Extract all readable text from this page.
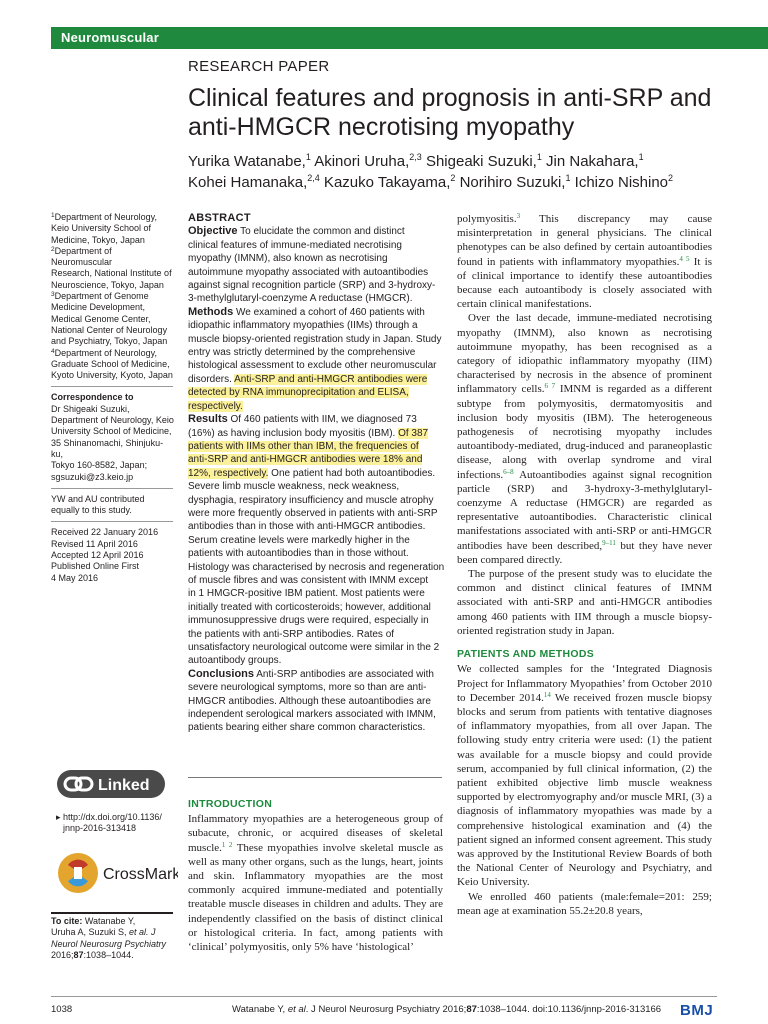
Neuromuscular
RESEARCH PAPER
Clinical features and prognosis in anti-SRP and
anti-HMGCR necrotising myopathy
Yurika Watanabe,$^1$ Akinori Uruha,$^{2,3}$ Shigeaki Suzuki,$^1$ Jin Nakahara,$^1$
Kohei Hamanaka,$^{2,4}$ Kazuko Takayama,$^2$ Norihiro Suzuki,$^1$ Ichizo Nishino$^2$
$^1$Department of Neurology,
Keio University School of
Medicine, Tokyo, Japan
$^2$Department of Neuromuscular
Research, National Institute of
Neuroscience, Tokyo, Japan
$^3$Department of Genome
Medicine Development,
Medical Genome Center,
National Center of Neurology
and Psychiatry, Tokyo, Japan
$^4$Department of Neurology,
Graduate School of Medicine,
Kyoto University, Kyoto, Japan
Correspondence to
Dr Shigeaki Suzuki,
Department of Neurology, Keio
University School of Medicine,
35 Shinanomachi, Shinjuku-ku,
Tokyo 160-8582, Japan;
sgsuzuki@z3.keio.jp
YW and AU contributed
equally to this study.
Received 22 January 2016
Revised 11 April 2016
Accepted 12 April 2016
Published Online First
4 May 2016
Linked
▸ http://dx.doi.org/10.1136/
jnnp-2016-313418
CrossMark
To cite: Watanabe Y,
Uruha A, Suzuki S, et al. J
Neurol Neurosurg Psychiatry
2016;87:1038–1044.
ABSTRACT
Objective To elucidate the common and distinct
clinical features of immune-mediated necrotising
myopathy (IMNM), also known as necrotising
autoimmune myopathy associated with autoantibodies
against signal recognition particle (SRP) and 3-hydroxy-
3-methylglutaryl-coenzyme A reductase (HMGCR).
Methods We examined a cohort of 460 patients with
idiopathic inflammatory myopathies (IIMs) through a
muscle biopsy-oriented registration study in Japan. Study
entry was strictly determined by the comprehensive
histological assessment to exclude other neuromuscular
disorders. Anti-SRP and anti-HMGCR antibodies were
detected by RNA immunoprecipitation and ELISA,
respectively.
Results Of 460 patients with IIM, we diagnosed 73
(16%) as having inclusion body myositis (IBM). Of 387
patients with IIMs other than IBM, the frequencies of
anti-SRP and anti-HMGCR antibodies were 18% and
12%, respectively. One patient had both autoantibodies.
Severe limb muscle weakness, neck weakness,
dysphagia, respiratory insufficiency and muscle atrophy
were more frequently observed in patients with anti-SRP
antibodies than in those with anti-HMGCR antibodies.
Serum creatine levels were markedly higher in the
patients with autoantibodies than in those without.
Histology was characterised by necrosis and regeneration
of muscle fibres and was consistent with IMNM except
in 1 HMGCR-positive IBM patient. Most patients were
initially treated with corticosteroids; however, additional
immunosuppressive drugs were required, especially in
the patients with anti-SRP antibodies. Rates of
unsatisfactory neurological outcome were similar in the 2
autoantibody groups.
Conclusions Anti-SRP antibodies are associated with
severe neurological symptoms, more so than are anti-
HMGCR antibodies. Although these autoantibodies are
independent serological markers associated with IMNM,
patients bearing either share common characteristics.
INTRODUCTION
Inflammatory myopathies are a heterogeneous group of subacute, chronic, or acquired diseases of skeletal muscle.$^{1 2}$ These myopathies involve skeletal muscle as well as many other organs, such as the lungs, heart, joints and skin. Inflammatory myopathies are the most commonly acquired immune-mediated and potentially treatable muscle diseases in children and adults. They are independently classified on the basis of distinct clinical or histological criteria. In fact, among patients with ‘clinical’ polymyositis, only 5% have ‘histological’

polymyositis.$^3$ This discrepancy may cause misinterpretation in general physicians. The clinical phenotypes can be also defined by certain autoantibodies found in patients with inflammatory myopathies.$^{4 5}$ It is of clinical importance to identify these autoantibodies because each autoantibody is closely associated with certain clinical manifestations.

Over the last decade, immune-mediated necrotising myopathy (IMNM), also known as necrotising autoimmune myopathy, has been recognised as a category of idiopathic inflammatory myopathy (IIM) characterised by necrosis in the absence of prominent inflammatory cells.$^{6 7}$ IMNM is regarded as a different subtype from polymyositis, dermatomyositis and inclusion body myositis (IBM). The heterogeneous pathogenesis of necrotising myopathy includes autoantibody-mediated, drug-induced and paraneoplastic disease, along with overlap syndrome and viral infections.$^{6-8}$ Autoantibodies against signal recognition particle (SRP) and 3-hydroxy-3-methylglutaryl-coenzyme A reductase (HMGCR) are regarded as representative autoantibodies. Characteristic clinical manifestations associated with anti-SRP or anti-HMGCR antibodies have been described,$^{9-11}$ but they have never been compared directly.

The purpose of the present study was to elucidate the common and distinct clinical features of IMNM associated with anti-SRP and anti-HMGCR antibodies among 460 patients with IIM through a muscle biopsy-oriented registration study in Japan.

PATIENTS AND METHODS

We collected samples for the ‘Integrated Diagnosis Project for Inflammatory Myopathies’ from October 2010 to December 2014.14 We received frozen muscle biopsy blocks and serum from patients with tentative diagnoses of inflammatory myopathies, from all over Japan. The following study entry criteria were used: (1) the patient was available for a muscle biopsy and could provide serum, accompanied by full clinical information, (2) the patient exhibited objective limb muscle weakness supported by electromyography and/or muscle MRI, (3) a diagnosis of inflammatory myopathies was made by a comprehensive histological examination and (4) the patient signed an informed consent agreement. This study was approved by the Institutional Review Boards of both the National Center of Neurology and Psychiatry, and Keio University.

We enrolled 460 patients (male:female=201: 259; mean age at examination 55.2±20.8 years,

1038	Watanabe Y, et al. J Neurol Neurosurg Psychiatry 2016;87:1038–1044. doi:10.1136/jnnp-2016-313166 BMJ
